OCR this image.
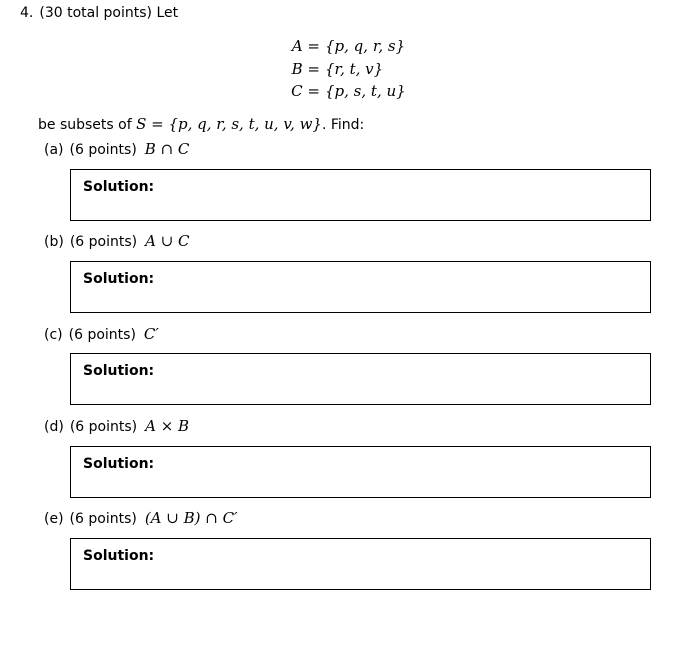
4. (30 total points) Let
A = {p, q, r, s}
B = {r, t, v}
C = {p, s, t, u}
be subsets of S = {p, q, r, s, t, u, v, w}. Find:
(a) (6 points) B ∩ C
Solution:
(b) (6 points) A ∪ C
Solution:
(c) (6 points) C′
Solution:
(d) (6 points) A × B
Solution:
(e) (6 points) (A ∪ B) ∩ C′
Solution:
